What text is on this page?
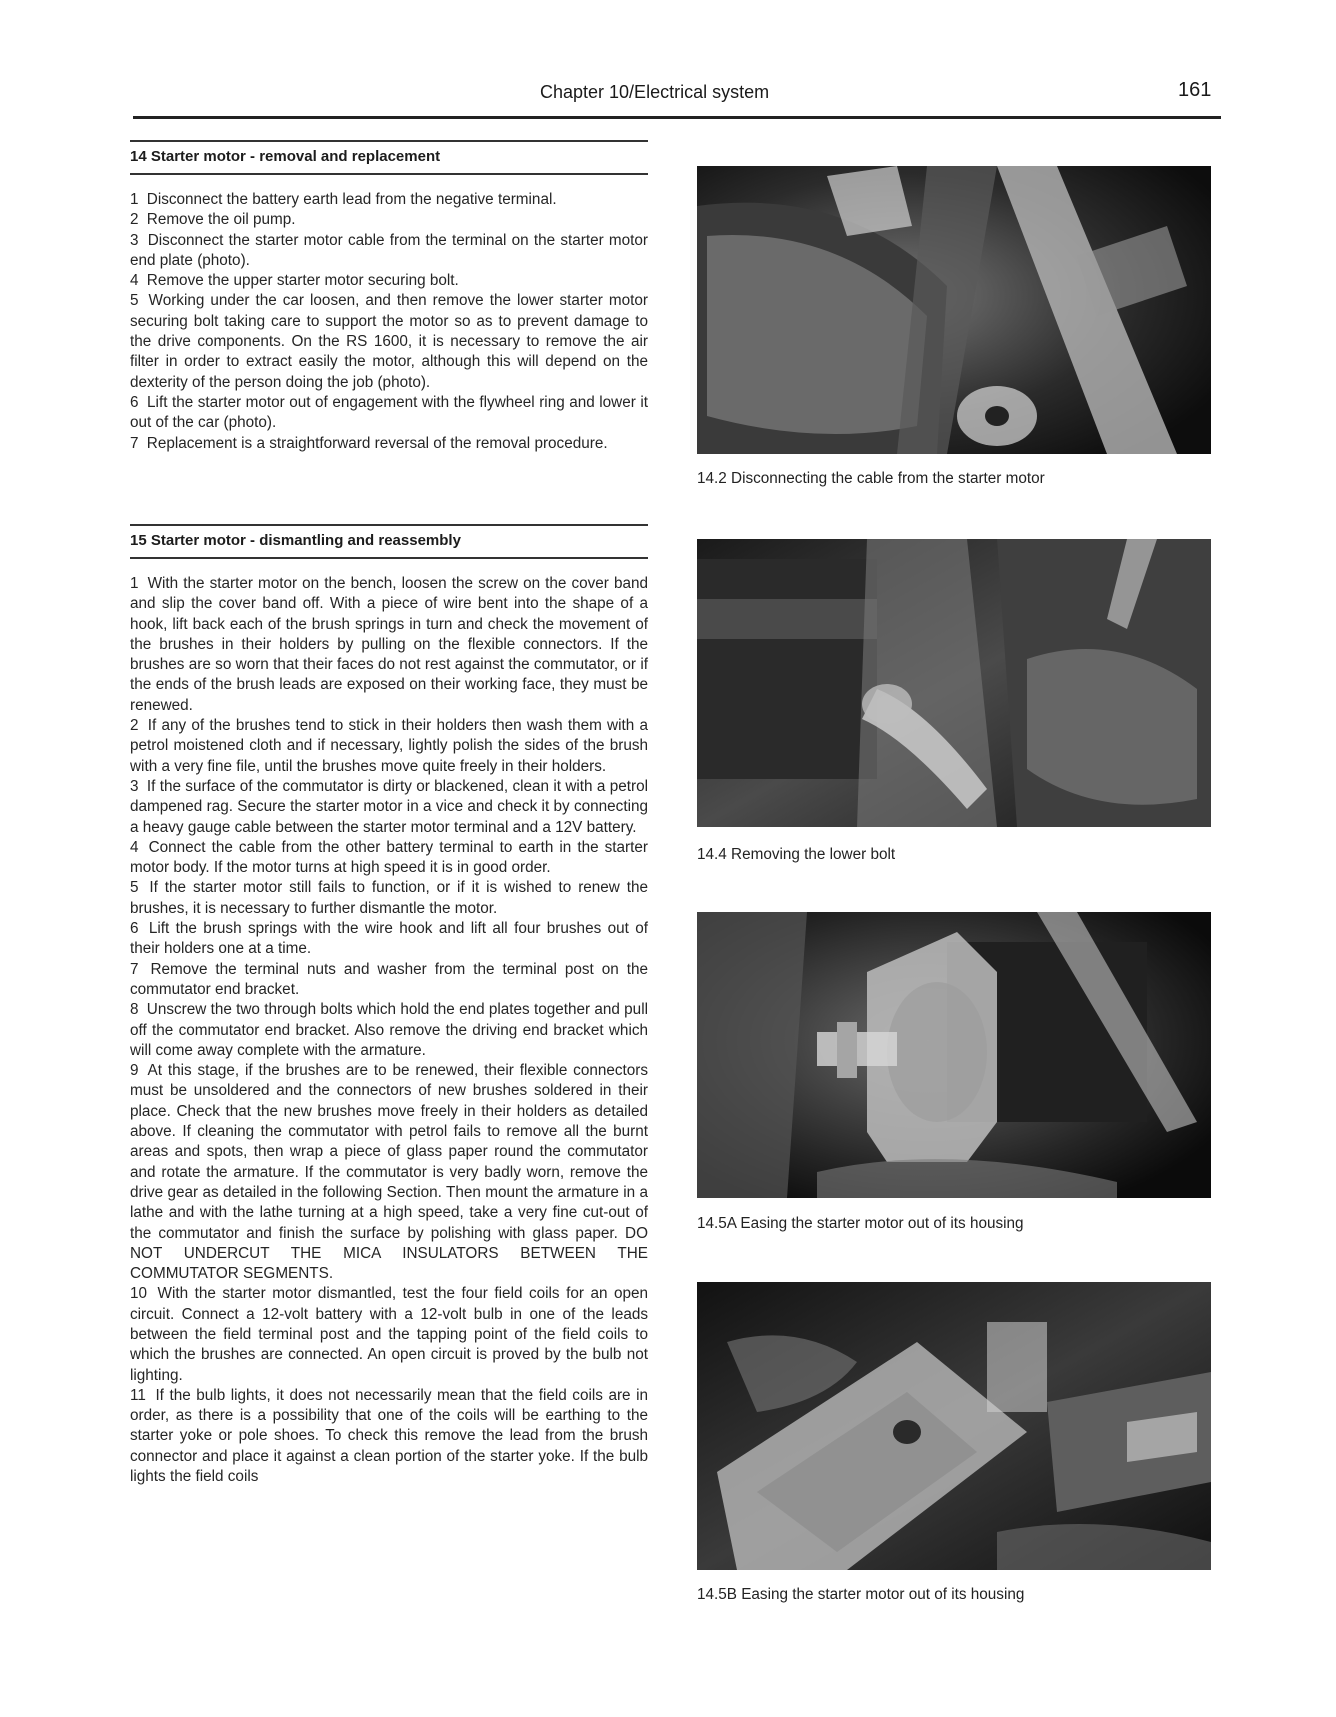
Chapter 10/Electrical system	161
14 Starter motor - removal and replacement

1 Disconnect the battery earth lead from the negative terminal.

2 Remove the oil pump.

3 Disconnect the starter motor cable from the terminal on the starter motor end plate (photo).

4 Remove the upper starter motor securing bolt.

5 Working under the car loosen, and then remove the lower starter motor securing bolt taking care to support the motor so as to prevent damage to the drive components. On the RS 1600, it is necessary to remove the air filter in order to extract easily the motor, although this will depend on the dexterity of the person doing the job (photo).

6 Lift the starter motor out of engagement with the flywheel ring and lower it out of the car (photo).

7 Replacement is a straightforward reversal of the removal procedure.

15 Starter motor - dismantling and reassembly

1 With the starter motor on the bench, loosen the screw on the cover band and slip the cover band off. With a piece of wire bent into the shape of a hook, lift back each of the brush springs in turn and check the movement of the brushes in their holders by pulling on the flexible connectors. If the brushes are so worn that their faces do not rest against the commutator, or if the ends of the brush leads are exposed on their working face, they must be renewed.

2 If any of the brushes tend to stick in their holders then wash them with a petrol moistened cloth and if necessary, lightly polish the sides of the brush with a very fine file, until the brushes move quite freely in their holders.

3 If the surface of the commutator is dirty or blackened, clean it with a petrol dampened rag. Secure the starter motor in a vice and check it by connecting a heavy gauge cable between the starter motor terminal and a 12V battery.

4 Connect the cable from the other battery terminal to earth in the starter motor body. If the motor turns at high speed it is in good order.

5 If the starter motor still fails to function, or if it is wished to renew the brushes, it is necessary to further dismantle the motor.

6 Lift the brush springs with the wire hook and lift all four brushes out of their holders one at a time.

7 Remove the terminal nuts and washer from the terminal post on the commutator end bracket.

8 Unscrew the two through bolts which hold the end plates together and pull off the commutator end bracket. Also remove the driving end bracket which will come away complete with the armature.

9 At this stage, if the brushes are to be renewed, their flexible connectors must be unsoldered and the connectors of new brushes soldered in their place. Check that the new brushes move freely in their holders as detailed above. If cleaning the commutator with petrol fails to remove all the burnt areas and spots, then wrap a piece of glass paper round the commutator and rotate the armature. If the commutator is very badly worn, remove the drive gear as detailed in the following Section. Then mount the armature in a lathe and with the lathe turning at a high speed, take a very fine cut-out of the commutator and finish the surface by polishing with glass paper. DO NOT UNDERCUT THE MICA INSULATORS BETWEEN THE COMMUTATOR SEGMENTS.

10 With the starter motor dismantled, test the four field coils for an open circuit. Connect a 12-volt battery with a 12-volt bulb in one of the leads between the field terminal post and the tapping point of the field coils to which the brushes are connected. An open circuit is proved by the bulb not lighting.

11 If the bulb lights, it does not necessarily mean that the field coils are in order, as there is a possibility that one of the coils will be earthing to the starter yoke or pole shoes. To check this remove the lead from the brush connector and place it against a clean portion of the starter yoke. If the bulb lights the field coils

14.2 Disconnecting the cable from the starter motor
14.4 Removing the lower bolt
14.5A Easing the starter motor out of its housing
14.5B Easing the starter motor out of its housing
